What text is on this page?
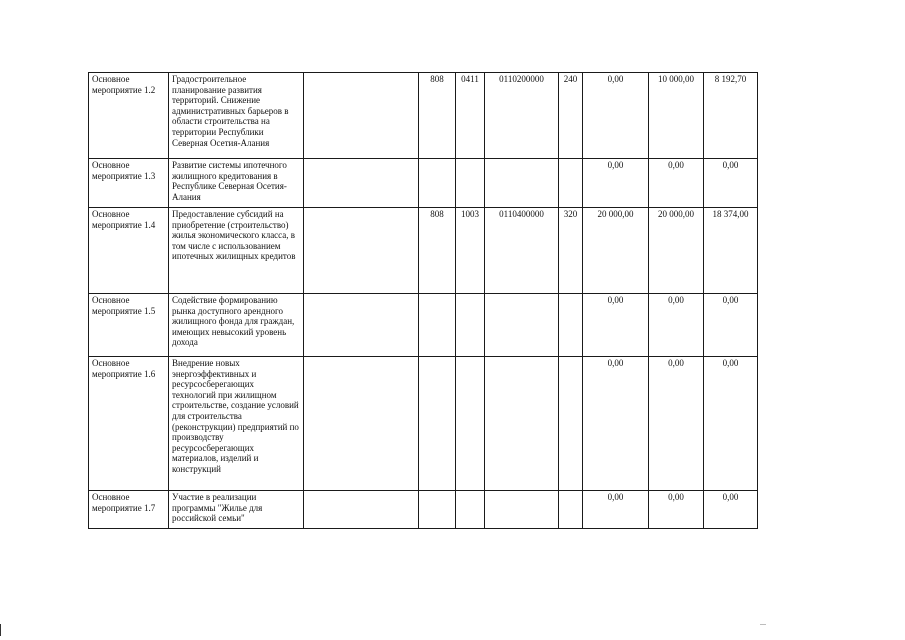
Основное мероприятие 1.2	Градостроительное планирование развития территорий. Снижение административных барьеров в области строительства на территории Республики Северная Осетия-Алания		808	0411	0110200000	240	0,00	10 000,00	8 192,70
Основное мероприятие 1.3	Развитие системы ипотечного жилищного кредитования в Республике Северная Осетия-Алания						0,00	0,00	0,00
Основное мероприятие 1.4	Предоставление субсидий на приобретение (строительство) жилья экономического класса, в том числе с использованием ипотечных жилищных кредитов		808	1003	0110400000	320	20 000,00	20 000,00	18 374,00
Основное мероприятие 1.5	Содействие формированию рынка доступного арендного жилищного фонда для граждан, имеющих невысокий уровень дохода						0,00	0,00	0,00
Основное мероприятие 1.6	Внедрение новых энергоэффективных и ресурсосберегающих технологий при жилищном строительстве, создание условий для строительства (реконструкции) предприятий по производству ресурсосберегающих материалов, изделий и конструкций						0,00	0,00	0,00
Основное мероприятие 1.7	Участие в реализации программы "Жилье для российской семьи"						0,00	0,00	0,00
